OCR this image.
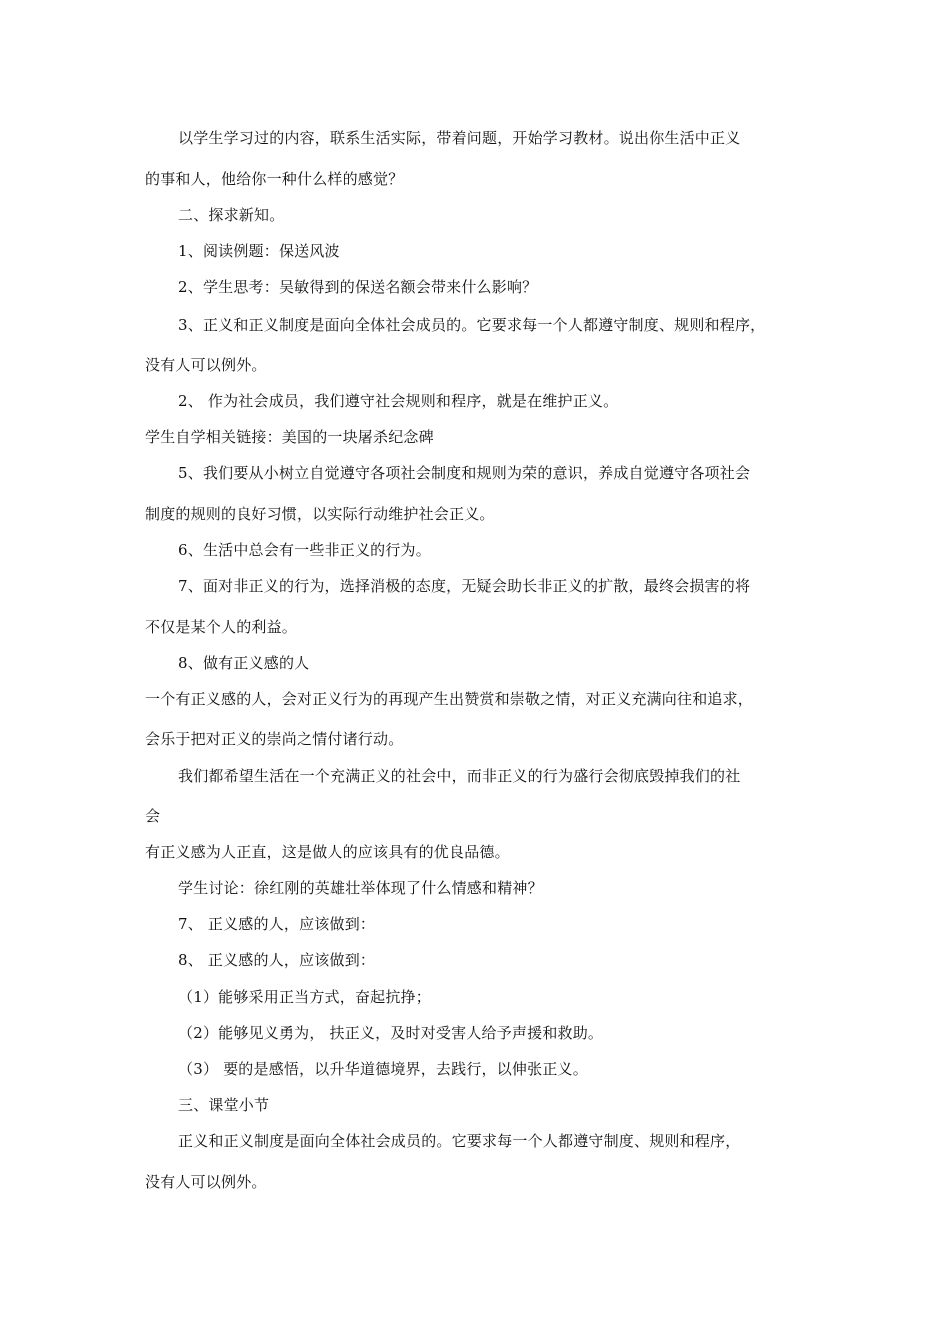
以学生学习过的内容，联系生活实际，带着问题，开始学习教材。说出你生活中正义
的事和人，他给你一种什么样的感觉？
二、探求新知。
1、阅读例题：保送风波
2、学生思考：吴敏得到的保送名额会带来什么影响？
3、正义和正义制度是面向全体社会成员的。它要求每一个人都遵守制度、规则和程序，
没有人可以例外。
2、 作为社会成员，我们遵守社会规则和程序，就是在维护正义。
学生自学相关链接：美国的一块屠杀纪念碑
5、我们要从小树立自觉遵守各项社会制度和规则为荣的意识，养成自觉遵守各项社会
制度的规则的良好习惯，以实际行动维护社会正义。
6、生活中总会有一些非正义的行为。
7、面对非正义的行为，选择消极的态度，无疑会助长非正义的扩散，最终会损害的将
不仅是某个人的利益。
8、做有正义感的人
一个有正义感的人，会对正义行为的再现产生出赞赏和崇敬之情，对正义充满向往和追求，
会乐于把对正义的崇尚之情付诸行动。
我们都希望生活在一个充满正义的社会中，而非正义的行为盛行会彻底毁掉我们的社
会
有正义感为人正直，这是做人的应该具有的优良品德。
学生讨论：徐红刚的英雄壮举体现了什么情感和精神？
7、 正义感的人，应该做到：
8、 正义感的人，应该做到：
（1）能够采用正当方式，奋起抗挣；
（2）能够见义勇为， 扶正义，及时对受害人给予声援和救助。
（3） 要的是感悟，以升华道德境界，去践行，以伸张正义。
三、课堂小节
正义和正义制度是面向全体社会成员的。它要求每一个人都遵守制度、规则和程序，
没有人可以例外。
